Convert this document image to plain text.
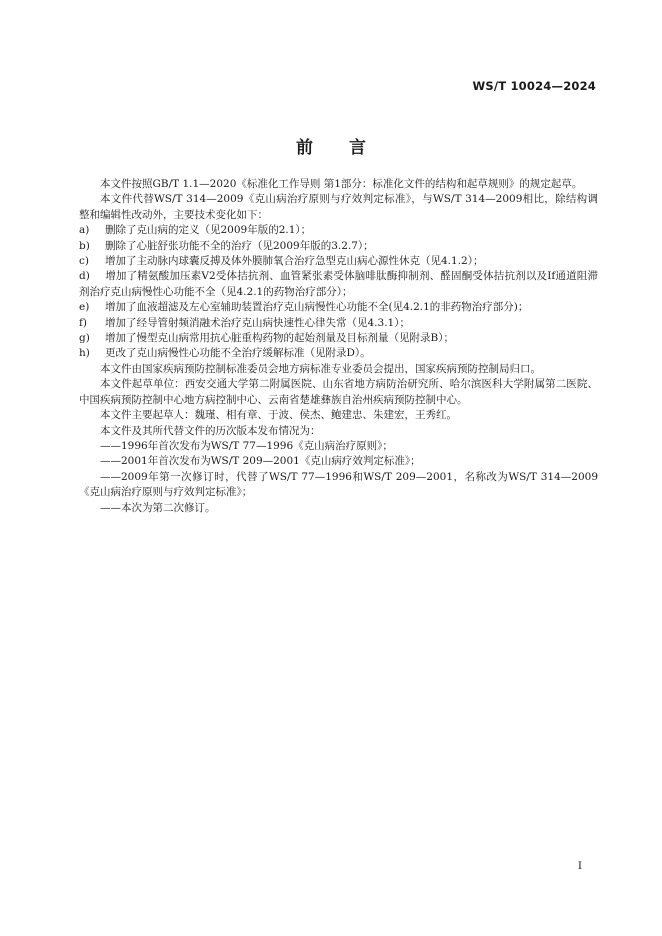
WS/T 10024—2024
前言

本文件按照GB/T 1.1—2020《标准化工作导则 第1部分：标准化文件的结构和起草规则》的规定起草。

本文件代替WS/T 314—2009《克山病治疗原则与疗效判定标准》，与WS/T 314—2009相比，除结构调整和编辑性改动外，主要技术变化如下：

a) 删除了克山病的定义（见2009年版的2.1）；

b) 删除了心脏舒张功能不全的治疗（见2009年版的3.2.7）；

c) 增加了主动脉内球囊反搏及体外膜肺氧合治疗急型克山病心源性休克（见4.1.2）；

d) 增加了精氨酸加压素V2受体拮抗剂、血管紧张素受体脑啡肽酶抑制剂、醛固酮受体拮抗剂以及If通道阻滞剂治疗克山病慢性心功能不全（见4.2.1的药物治疗部分）；

e) 增加了血液超滤及左心室辅助装置治疗克山病慢性心功能不全(见4.2.1的非药物治疗部分)；

f) 增加了经导管射频消融术治疗克山病快速性心律失常（见4.3.1）；

g) 增加了慢型克山病常用抗心脏重构药物的起始剂量及目标剂量（见附录B）；

h) 更改了克山病慢性心功能不全治疗缓解标准（见附录D）。

本文件由国家疾病预防控制标准委员会地方病标准专业委员会提出，国家疾病预防控制局归口。

本文件起草单位：西安交通大学第二附属医院、山东省地方病防治研究所、哈尔滨医科大学附属第二医院、中国疾病预防控制中心地方病控制中心、云南省楚雄彝族自治州疾病预防控制中心。

本文件主要起草人：魏瑾、相有章、于波、侯杰、鲍建忠、朱建宏，王秀红。

本文件及其所代替文件的历次版本发布情况为：

——1996年首次发布为WS/T 77—1996《克山病治疗原则》；

——2001年首次发布为WS/T 209—2001《克山病疗效判定标准》；

——2009年第一次修订时，代替了WS/T 77—1996和WS/T 209—2001，名称改为WS/T 314—2009《克山病治疗原则与疗效判定标准》；

——本次为第二次修订。

I
